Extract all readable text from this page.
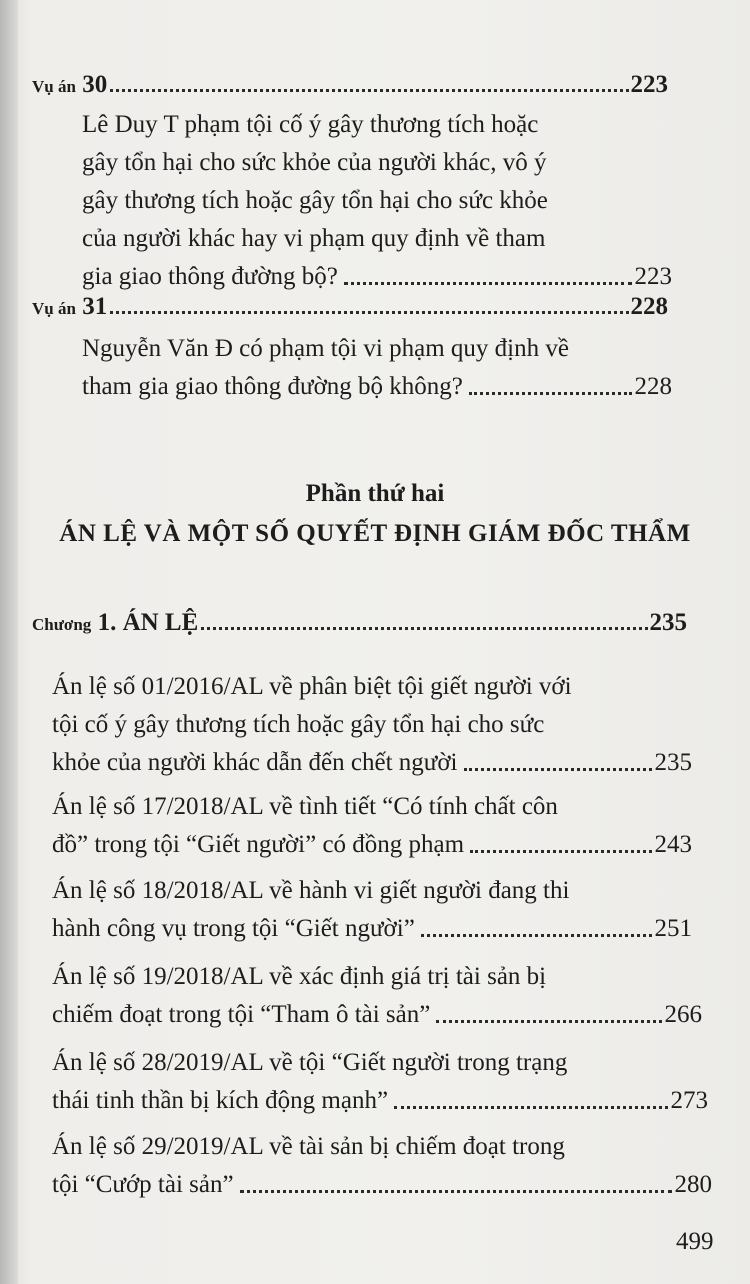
Vụ án 30	223
Lê Duy T phạm tội cố ý gây thương tích hoặc
gây tổn hại cho sức khỏe của người khác, vô ý
gây thương tích hoặc gây tổn hại cho sức khỏe
của người khác hay vi phạm quy định về tham
gia giao thông đường bộ?	223
Vụ án 31	228
Nguyễn Văn Đ có phạm tội vi phạm quy định về
tham gia giao thông đường bộ không?	228
Phần thứ hai
ÁN LỆ VÀ MỘT SỐ QUYẾT ĐỊNH GIÁM ĐỐC THẨM
Chương 1. ÁN LỆ	235
Án lệ số 01/2016/AL về phân biệt tội giết người với
tội cố ý gây thương tích hoặc gây tổn hại cho sức
khỏe của người khác dẫn đến chết người	235
Án lệ số 17/2018/AL về tình tiết “Có tính chất côn
đồ” trong tội “Giết người” có đồng phạm	243
Án lệ số 18/2018/AL về hành vi giết người đang thi
hành công vụ trong tội “Giết người”	251
Án lệ số 19/2018/AL về xác định giá trị tài sản bị
chiếm đoạt trong tội “Tham ô tài sản”	266
Án lệ số 28/2019/AL về tội “Giết người trong trạng
thái tinh thần bị kích động mạnh”	273
Án lệ số 29/2019/AL về tài sản bị chiếm đoạt trong
tội “Cướp tài sản”	280
499
